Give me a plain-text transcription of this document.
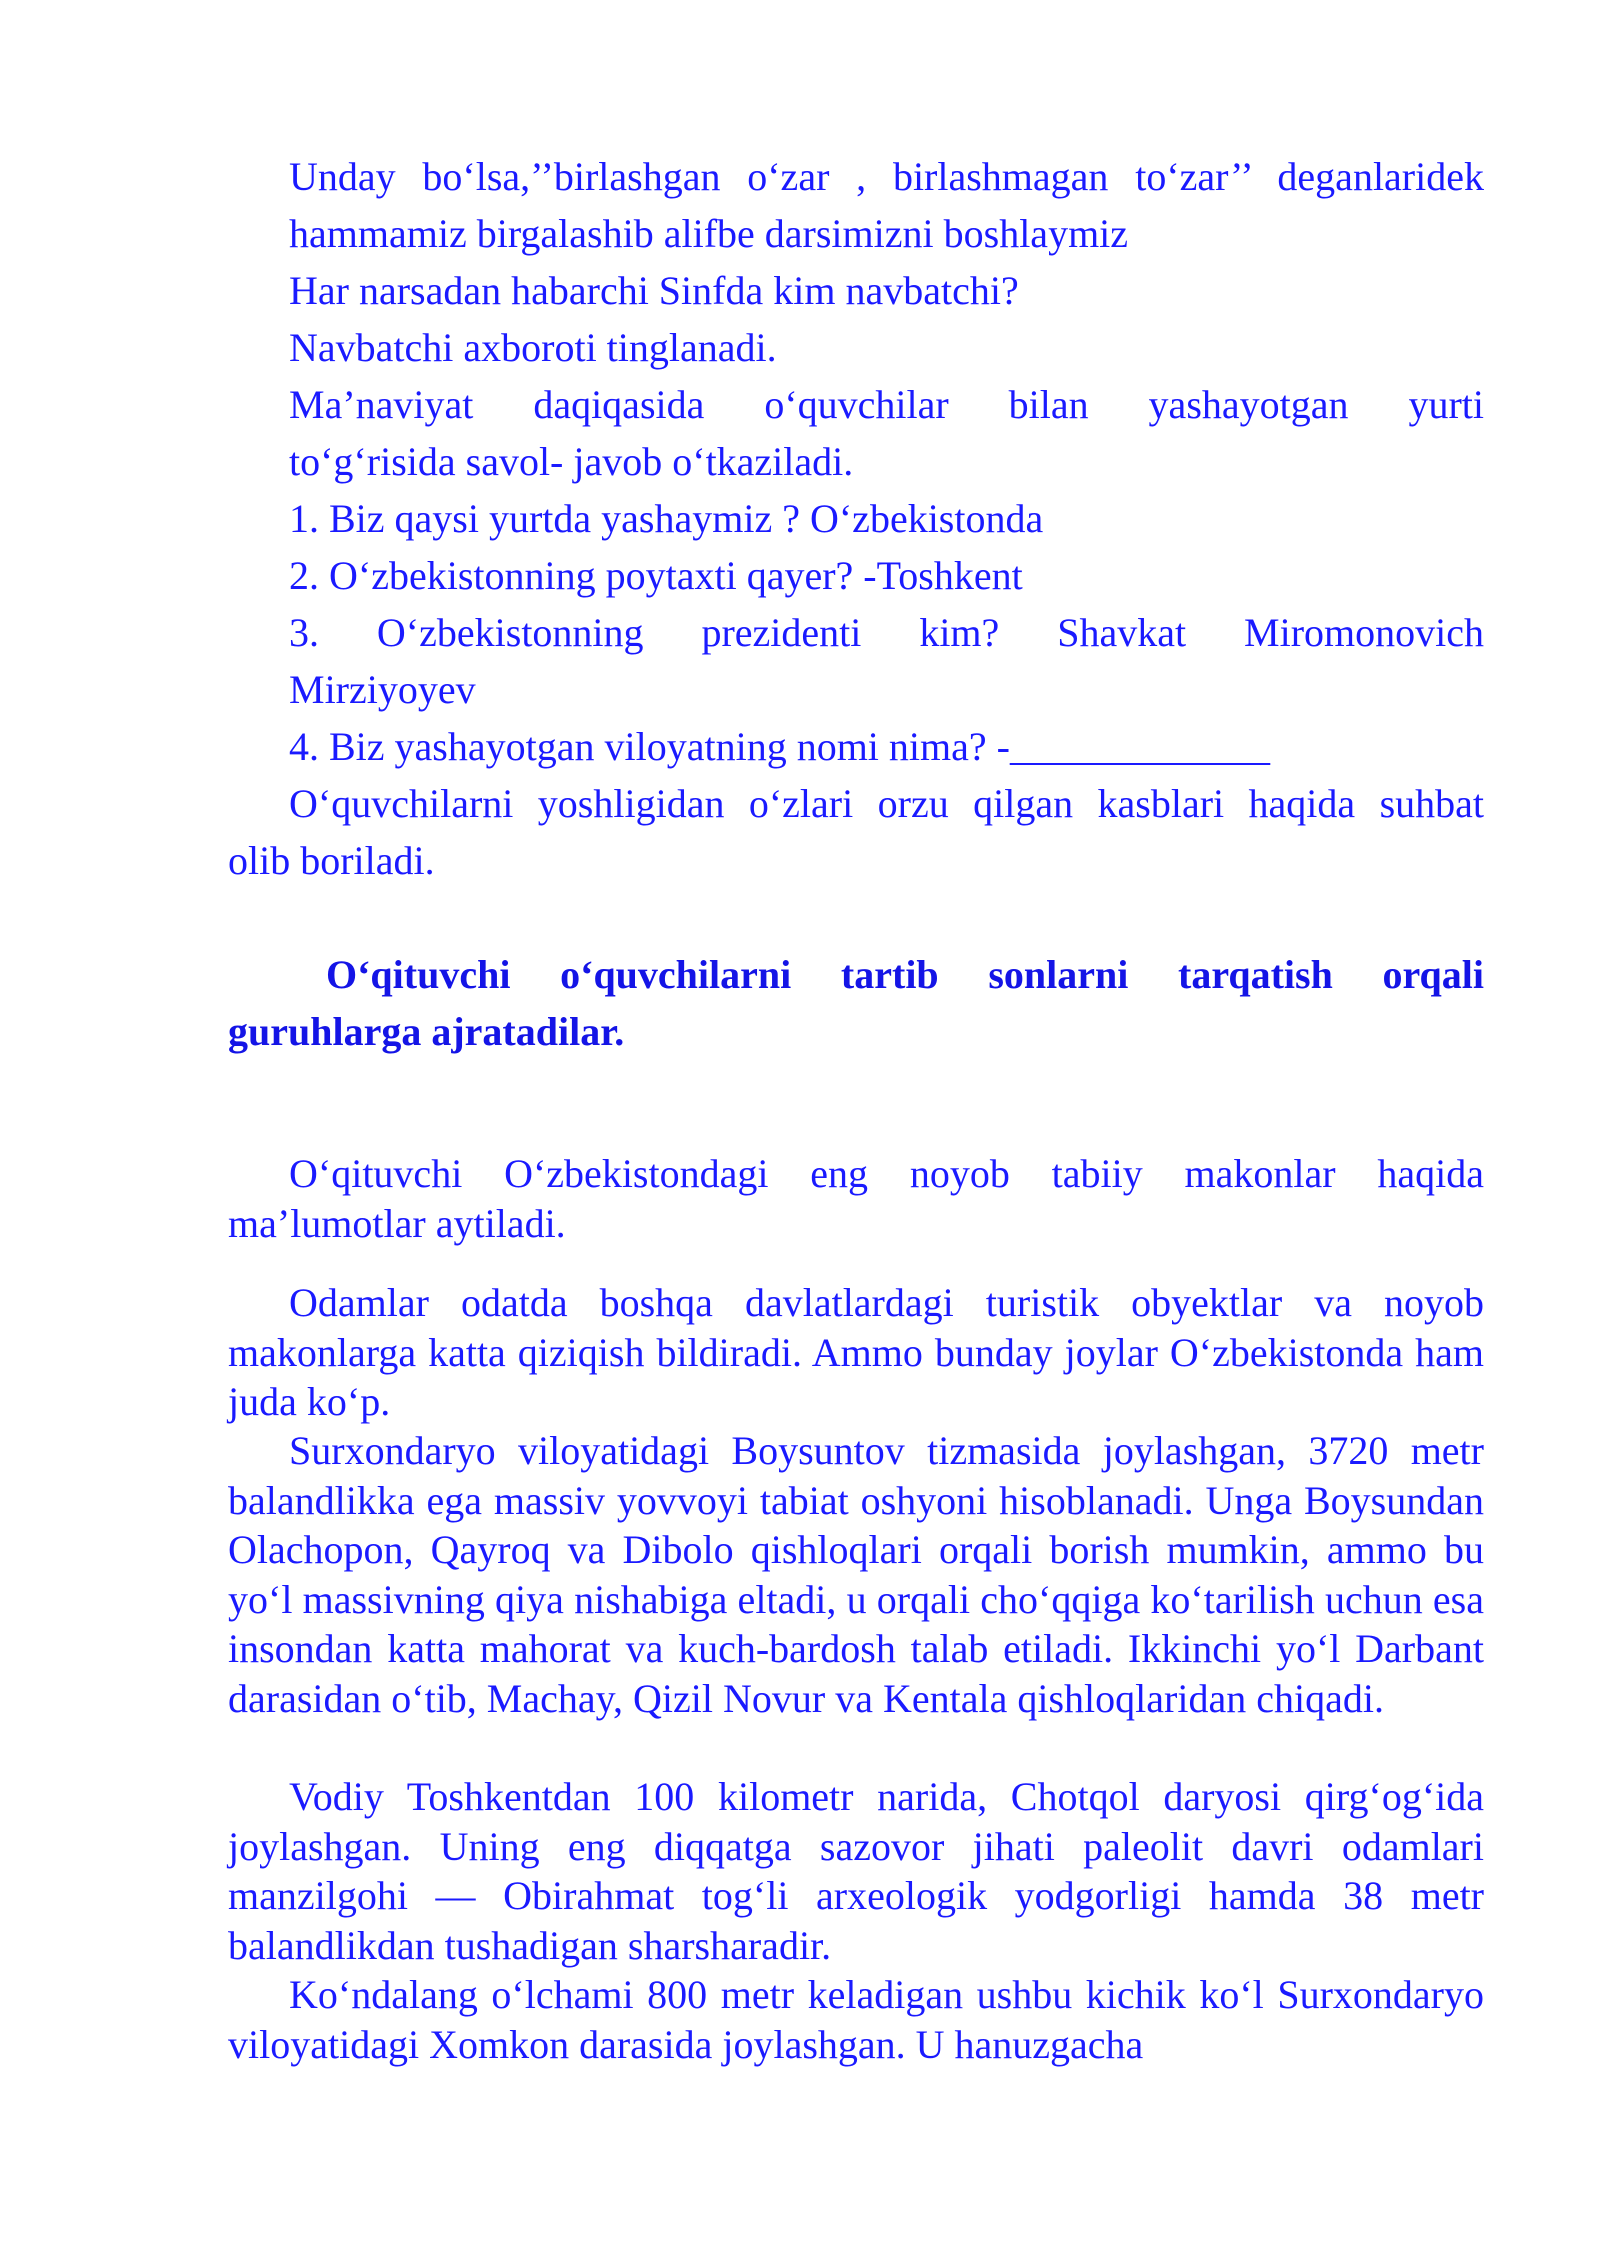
Unday bo‘lsa,’’birlashgan o‘zar , birlashmagan to‘zar’’ deganlaridek

hammamiz birgalashib alifbe darsimizni boshlaymiz

Har narsadan habarchi Sinfda kim navbatchi?

Navbatchi axboroti tinglanadi.

Ma’naviyat daqiqasida o‘quvchilar bilan yashayotgan yurti

to‘g‘risida savol- javob o‘tkaziladi.

1. Biz qaysi yurtda yashaymiz ? O‘zbekistonda

2. O‘zbekistonning poytaxti qayer? -Toshkent

3. O‘zbekistonning prezidenti kim? Shavkat Miromonovich

Mirziyoyev

4. Biz yashayotgan viloyatning nomi nima? -_____________

O‘quvchilarni yoshligidan o‘zlari orzu qilgan kasblari haqida suhbat

olib boriladi.

O‘qituvchi o‘quvchilarni tartib sonlarni tarqatish orqali

guruhlarga ajratadilar.

O‘qituvchi O‘zbekistondagi eng noyob tabiiy makonlar haqida ma’lumotlar aytiladi.

Odamlar odatda boshqa davlatlardagi turistik obyektlar va noyob makonlarga katta qiziqish bildiradi. Ammo bunday joylar O‘zbekistonda ham juda ko‘p.

Surxondaryo viloyatidagi Boysuntov tizmasida joylashgan, 3720 metr balandlikka ega massiv yovvoyi tabiat oshyoni hisoblanadi. Unga Boysundan Olachopon, Qayroq va Dibolo qishloqlari orqali borish mumkin, ammo bu yo‘l massivning qiya nishabiga eltadi, u orqali cho‘qqiga ko‘tarilish uchun esa insondan katta mahorat va kuch-bardosh talab etiladi. Ikkinchi yo‘l Darbant darasidan o‘tib, Machay, Qizil Novur va Kentala qishloqlaridan chiqadi.

Vodiy Toshkentdan 100 kilometr narida, Chotqol daryosi qirg‘og‘ida joylashgan. Uning eng diqqatga sazovor jihati paleolit davri odamlari manzilgohi — Obirahmat tog‘li arxeologik yodgorligi hamda 38 metr balandlikdan tushadigan sharsharadir.

Ko‘ndalang o‘lchami 800 metr keladigan ushbu kichik ko‘l Surxondaryo viloyatidagi Xomkon darasida joylashgan. U hanuzgacha
